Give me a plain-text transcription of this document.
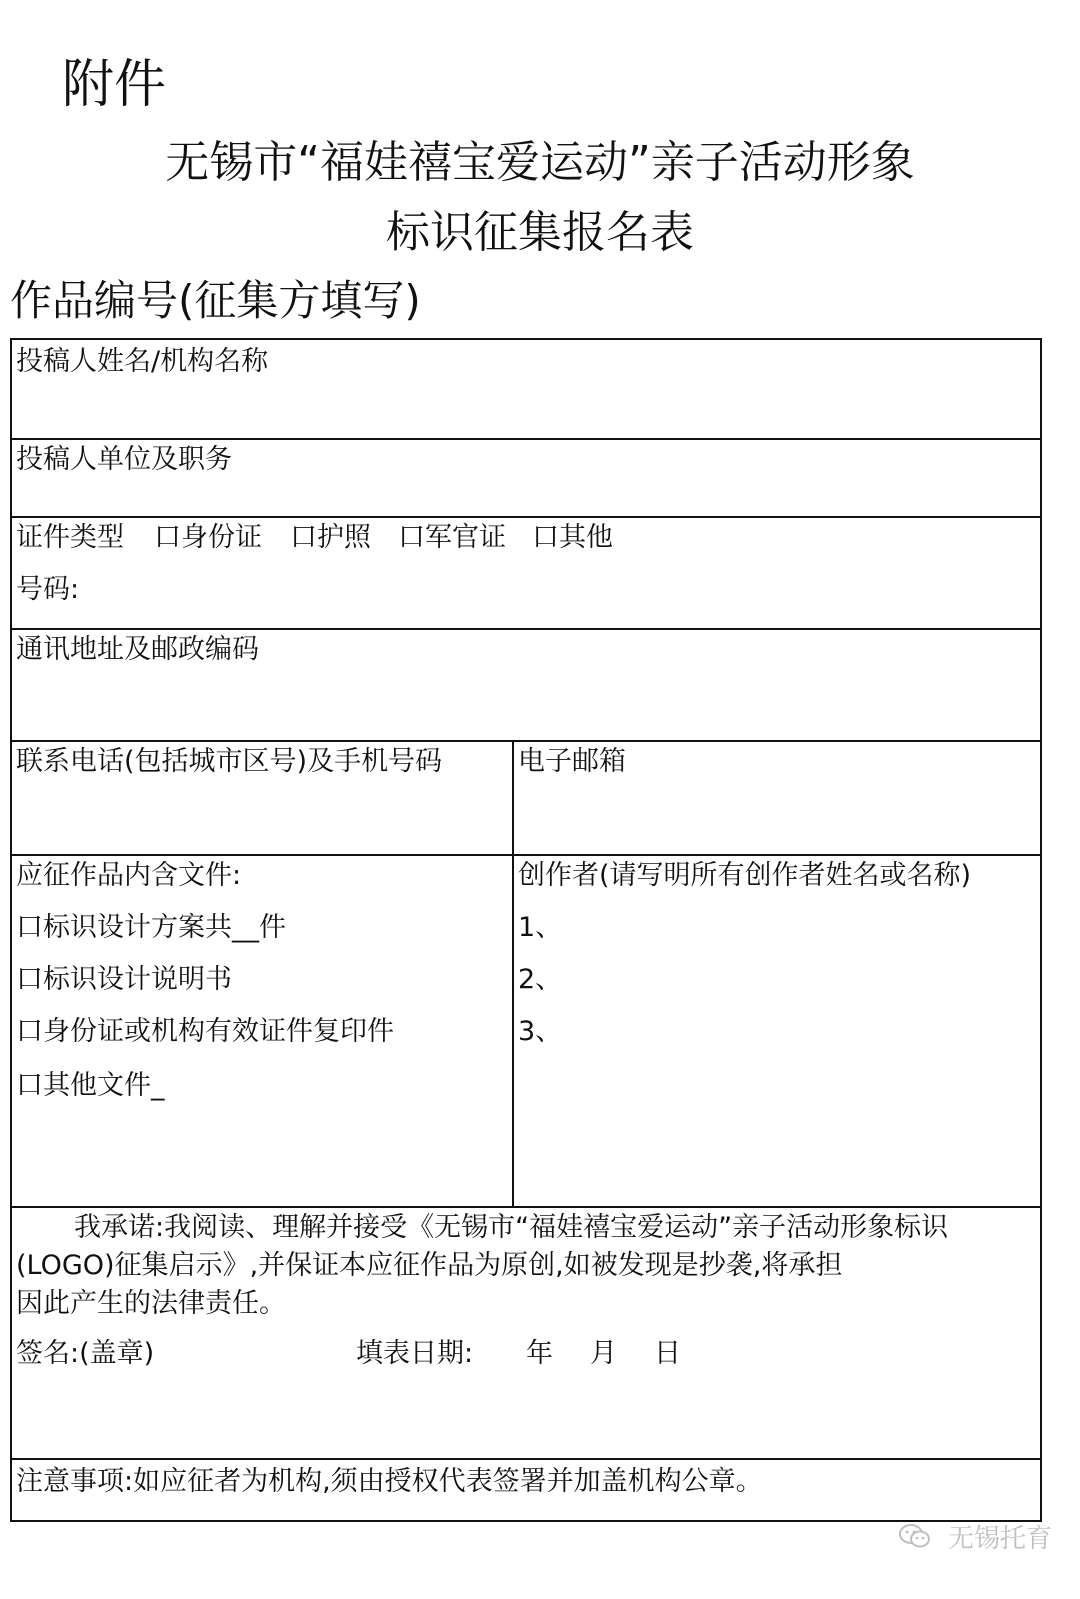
附件
无锡市“福娃禧宝爱运动”亲子活动形象
标识征集报名表
作品编号(征集方填写)
投稿人姓名/机构名称
投稿人单位及职务
证件类型 口身份证 口护照 口军官证 口其他
号码:
通讯地址及邮政编码
联系电话(包括城市区号)及手机号码	电子邮箱
应征作品内含文件:
口标识设计方案共__件
口标识设计说明书
口身份证或机构有效证件复印件
口其他文件_
创作者(请写明所有创作者姓名或名称)
1、
2、
3、
我承诺:我阅读、理解并接受《无锡市“福娃禧宝爱运动”亲子活动形象标识
(LOGO)征集启示》,并保证本应征作品为原创,如被发现是抄袭,将承担
因此产生的法律责任。
签名:(盖章)	填表日期: 年 月 日
注意事项:如应征者为机构,须由授权代表签署并加盖机构公章。
无锡托育
